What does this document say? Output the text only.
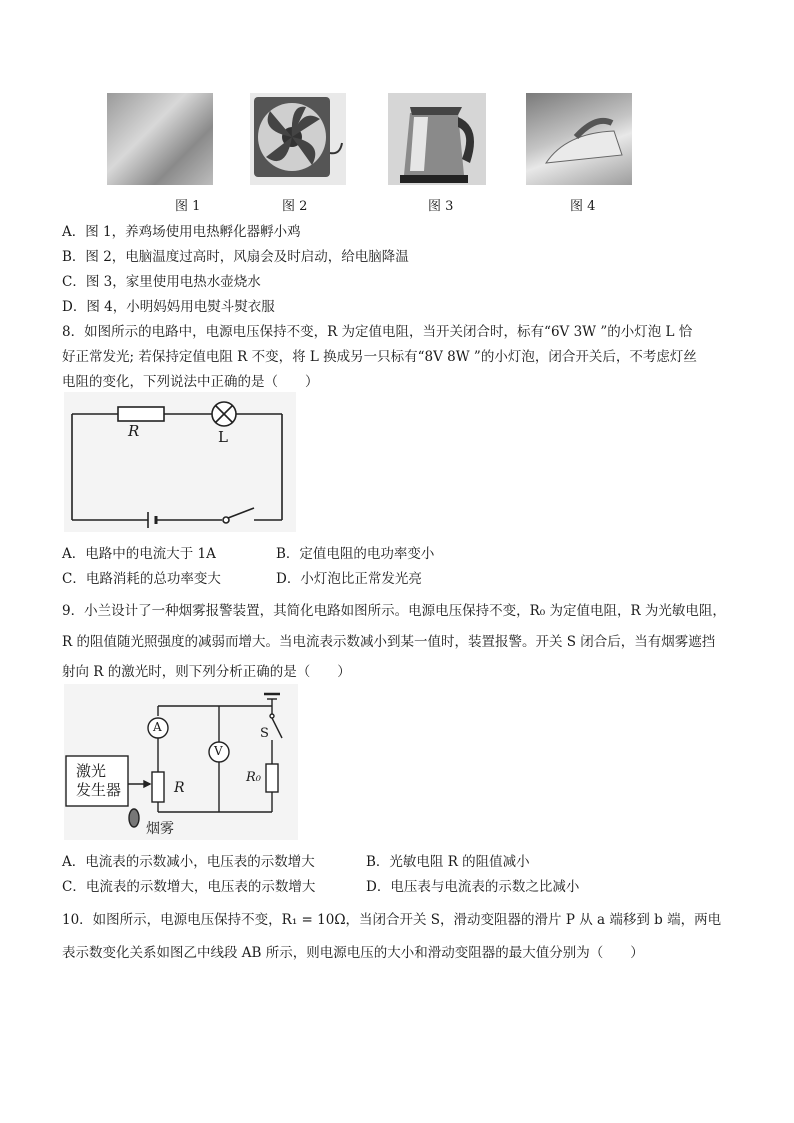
图 1	图 2	图 3	图 4
A．图 1，养鸡场使用电热孵化器孵小鸡
B．图 2，电脑温度过高时，风扇会及时启动，给电脑降温
C．图 3，家里使用电热水壶烧水
D．图 4，小明妈妈用电熨斗熨衣服
8．如图所示的电路中，电源电压保持不变，R 为定值电阻，当开关闭合时，标有“6V 3W ”的小灯泡 L 恰
好正常发光; 若保持定值电阻 R 不变，将 L 换成另一只标有“8V 8W ”的小灯泡，闭合开关后，不考虑灯丝
电阻的变化，下列说法中正确的是（　　）
R	L
A．电路中的电流大于 1A	B．定值电阻的电功率变小
C．电路消耗的总功率变大	D．小灯泡比正常发光亮
9．小兰设计了一种烟雾报警装置，其简化电路如图所示。电源电压保持不变，R₀ 为定值电阻，R 为光敏电阻，
R 的阻值随光照强度的减弱而增大。当电流表示数减小到某一值时，装置报警。开关 S 闭合后，当有烟雾遮挡
射向 R 的激光时，则下列分析正确的是（　　）
A
V
S
R
R₀
激光
发生器
烟雾
A．电流表的示数减小，电压表的示数增大	B．光敏电阻 R 的阻值减小
C．电流表的示数增大，电压表的示数增大	D．电压表与电流表的示数之比减小
10．如图所示，电源电压保持不变，R₁ = 10Ω，当闭合开关 S，滑动变阻器的滑片 P 从 a 端移到 b 端，两电
表示数变化关系如图乙中线段 AB 所示，则电源电压的大小和滑动变阻器的最大值分别为（　　）
